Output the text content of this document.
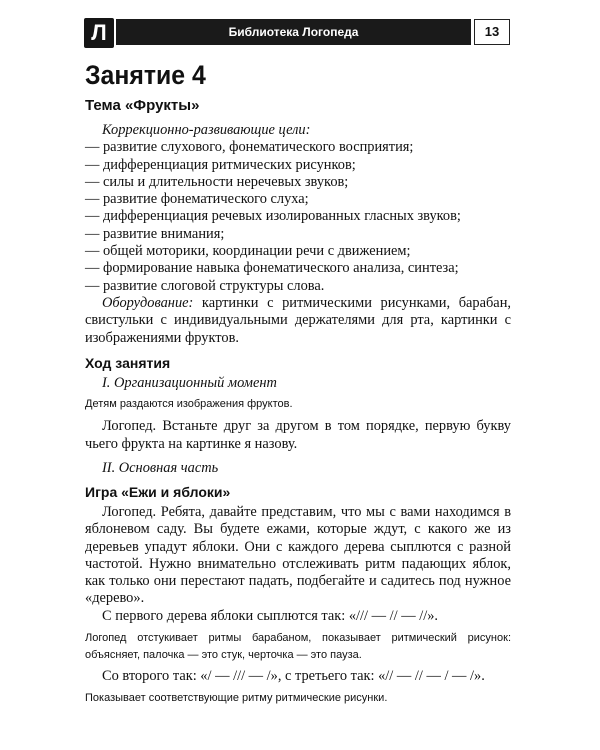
Л	Библиотека Логопеда	13
Занятие 4
Тема «Фрукты»

Коррекционно-развивающие цели:

— развитие слухового, фонематического восприятия;

— дифференциация ритмических рисунков;

— силы и длительности неречевых звуков;

— развитие фонематического слуха;

— дифференциация речевых изолированных гласных звуков;

— развитие внимания;

— общей моторики, координации речи с движением;

— формирование навыка фонематического анализа, синтеза;

— развитие слоговой структуры слова.

Оборудование: картинки с ритмическими рисунками, барабан, свистульки с индивидуальными держателями для рта, картинки с изображениями фруктов.

Ход занятия

I. Организационный момент

Детям раздаются изображения фруктов.

Логопед. Встаньте друг за другом в том порядке, первую букву чьего фрукта на картинке я назову.

II. Основная часть

Игра «Ежи и яблоки»

Логопед. Ребята, давайте представим, что мы с вами находимся в яблоневом саду. Вы будете ежами, которые ждут, с какого же из деревьев упадут яблоки. Они с каждого дерева сыплются с разной частотой. Нужно внимательно отслеживать ритм падающих яблок, как только они перестают падать, подбегайте и садитесь под нужное «дерево».

С первого дерева яблоки сыплются так: «/// — // — //».

Логопед отстукивает ритмы барабаном, показывает ритмический рисунок: объясняет, палочка — это стук, черточка — это пауза.

Со второго так: «/ — /// — /», с третьего так: «// — // — / — /».

Показывает соответствующие ритму ритмические рисунки.
